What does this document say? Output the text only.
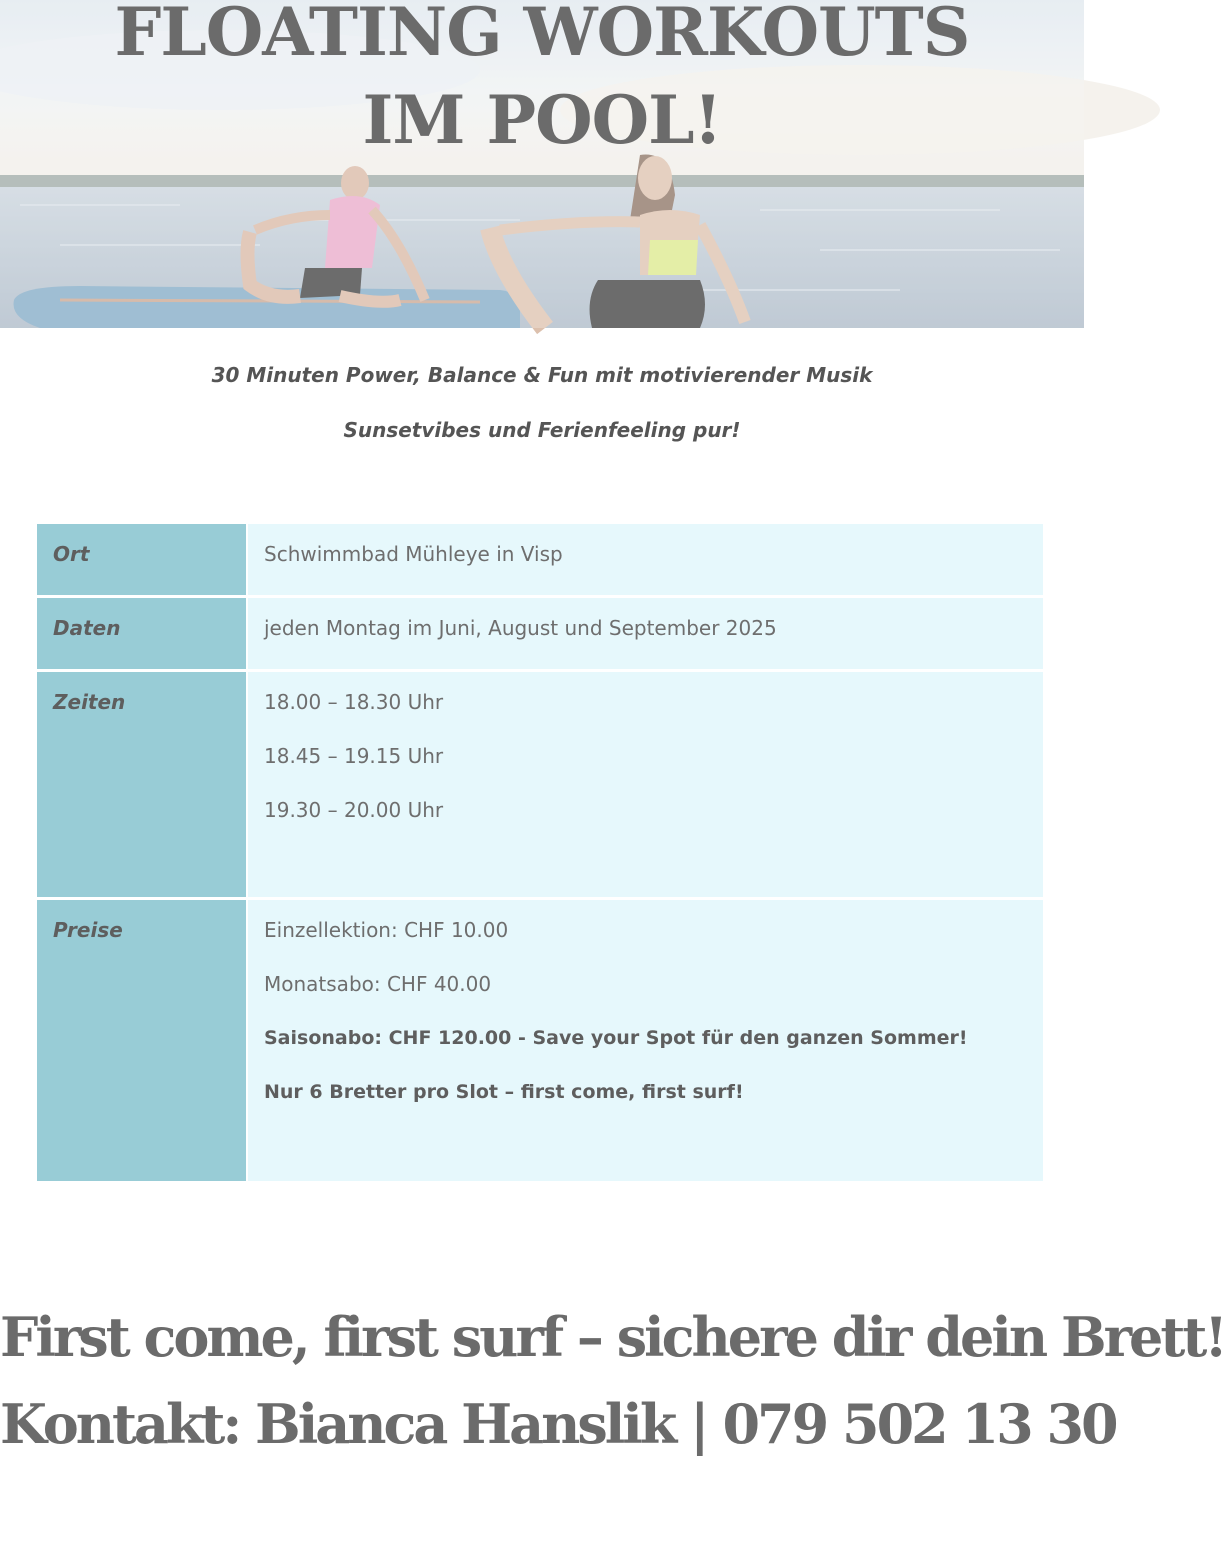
FLOATING WORKOUTS
IM POOL!

30 Minuten Power, Balance & Fun mit motivierender Musik

Sunsetvibes und Ferienfeeling pur!

Ort	Schwimmbad Mühleye in Visp

Daten	jeden Montag im Juni, August und September 2025

Zeiten	18.00 – 18.30 Uhr

18.45 – 19.15 Uhr

19.30 – 20.00 Uhr

Preise	Einzellektion: CHF 10.00

Monatsabo: CHF 40.00

Saisonabo: CHF 120.00 - Save your Spot für den ganzen Sommer!

Nur 6 Bretter pro Slot – first come, first surf!

First come, first surf – sichere dir dein Brett!
Kontakt: Bianca Hanslik | 079 502 13 30
